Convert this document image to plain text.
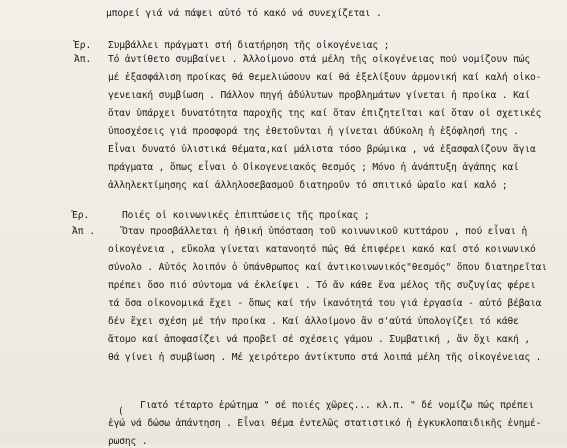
μπορεί γιά νά πάψει αὐτό τό κακό νά συνεχίζεται .
Ἐρ. Συμβάλλει πράγματι στή διατήρηση τῆς οἰκογένειας ;
Ἀπ. Τό ἀντίθετο συμβαίνει . Ἀλλοίμονο στά μέλη τῆς οἰκογένειας πού νομίζουν πώς
μέ ἐξασφάλιση προίκας θά θεμελιώσουν καί θά ἐξελίξουν ἁρμονική καί καλή οἰκο-
γενειακή συμβίωση . Πάλλον πηγή ἀδύλυτων προβλημάτων γίνεται ἡ προίκα . Καί
ὅταν ὑπάρχει δυνατότητα παροχῆς της καί ὅταν ἐπιζητεῖται καί ὅταν οἱ σχετικές
ὑποσχέσεις γιά προσφορά της ἐθετοῦνται ἡ γίνεται ἀδύκολη ἡ ἐξόφλησή της .
Εἶναι δυνατό ὑλιστικά θέματα,καί μάλιστα τόσο βρώμικα , νά ἐξασφαλίζουν ἅγια
πράγματα , ὅπως εἶναι ὁ Οἰκογενειακός θεσμός ; Μόνο ἡ ἀνάπτυξη ἀγάπης καί
ἀλληλεκτίμησης καί ἀλληλοσεβασμοῦ διατηροῦν τό σπιτικό ὡραῖο καί καλό ;
Ἐρ.	Ποιές οἱ κοινωνικές ἐπιπτώσεις τῆς προίκας ;
Ἀπ .	Ὅταν προσβάλλεται ἡ ἠθική ὑπόσταση τοῦ κοινωνικοῦ κυττάρου , πού εἶναι ἡ
οἰκογένεια , εὔκολα γίνεται κατανοητό πώς θά ἐπιφέρει κακό καί στό κοινωνικό
σύνολο . Αὐτός λοιπόν ὁ ὑπάνθρωπος καί ἀντικοινωνικός"θεσμός" ὅπου διατηρεῖται
πρέπει ὅσο πιό σύντομα νά ἐκλείψει . Τό ἄν κάθε ἕνα μέλος τῆς συζυγίας φέρει
τά ὅσα οἰκονομικά ἔχει - ὅπως καί τήν ἱκανότητά του γιά ἐργασία - αὐτό βέβαια
δέν ἔχει σχέση μέ τήν προίκα . Καί ἀλλοίμονο ἄν σ'αὐτά ὑπολογίζει τό κάθε
ἄτομο καί ἀποφασίζει νά προβεῖ σέ σχέσεις γάμου . Συμβατική , ἄν ὄχι κακή ,
θά γίνει ἡ συμβίωση . Μέ χειρότερο ἀντίκτυπο στά λοιπά μέλη τῆς οἰκογένειας .
(
Γιατό τέταρτο ἐρώτημα " σέ ποιές χῶρες... κλ.π. " δέ νομίζω πώς πρέπει
ἐγώ νά δώσω ἀπάντηση . Εἶναι θέμα ἐντελῶς στατιστικό ἡ ἐγκυκλοπαιδικῆς ἐνημέ-
ρωσης .
